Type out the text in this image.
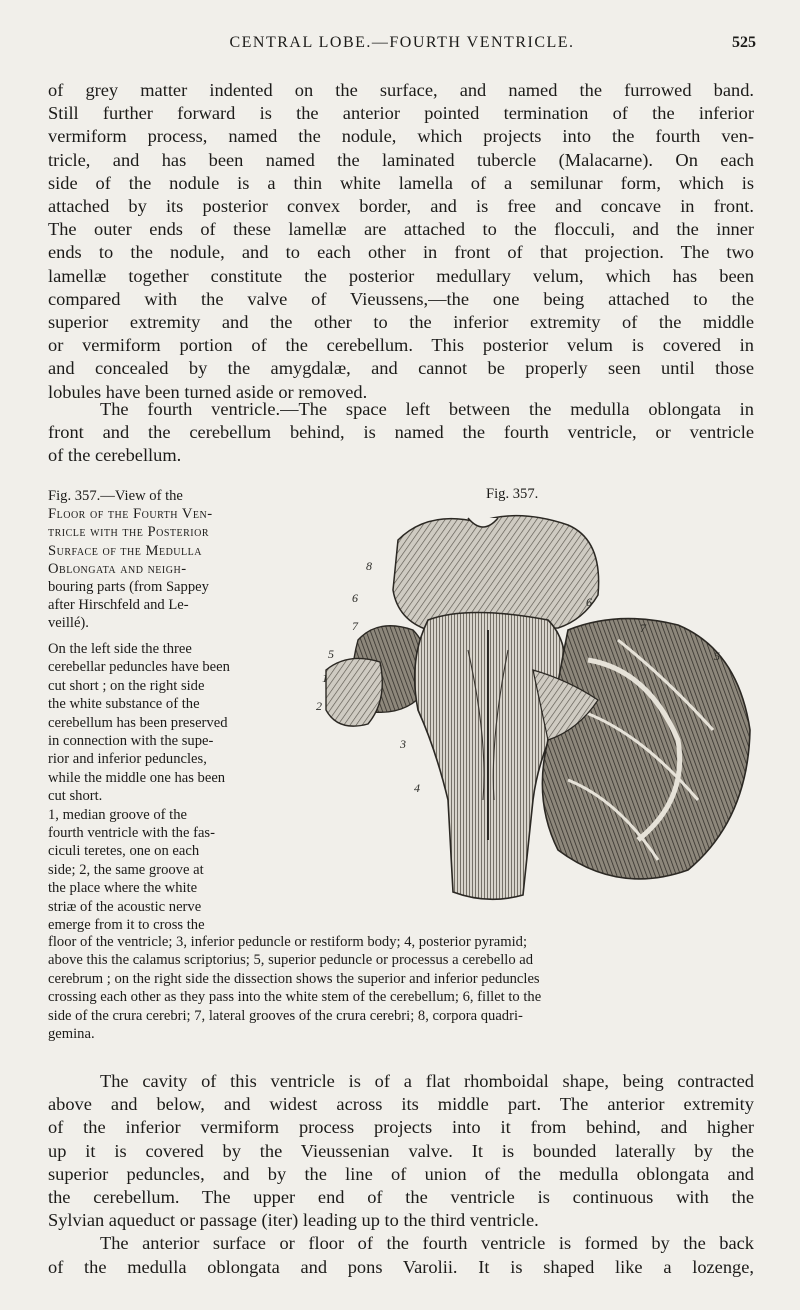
CENTRAL LOBE.—FOURTH VENTRICLE.	525
of grey matter indented on the surface, and named the furrowed band.
Still further forward is the anterior pointed termination of the inferior
vermiform process, named the nodule, which projects into the fourth ven-
tricle, and has been named the laminated tubercle (Malacarne). On each
side of the nodule is a thin white lamella of a semilunar form, which is
attached by its posterior convex border, and is free and concave in front.
The outer ends of these lamellæ are attached to the flocculi, and the inner
ends to the nodule, and to each other in front of that projection. The two
lamellæ together constitute the posterior medullary velum, which has been
compared with the valve of Vieussens,—the one being attached to the
superior extremity and the other to the inferior extremity of the middle
or vermiform portion of the cerebellum. This posterior velum is covered in
and concealed by the amygdalæ, and cannot be properly seen until those
lobules have been turned aside or removed.
The fourth ventricle.—The space left between the medulla oblongata in
front and the cerebellum behind, is named the fourth ventricle, or ventricle
of the cerebellum.
Fig. 357.—View of the
Floor of the Fourth Ven-
tricle with the Posterior
Surface of the Medulla
Oblongata and neigh-
bouring parts (from Sappey
after Hirschfeld and Le-
veillé).
Fig. 357.
On the left side the three
cerebellar peduncles have been
cut short ; on the right side
the white substance of the
cerebellum has been preserved
in connection with the supe-
rior and inferior peduncles,
while the middle one has been
cut short.
1, median groove of the
fourth ventricle with the fas-
ciculi teretes, one on each
side; 2, the same groove at
the place where the white
striæ of the acoustic nerve
emerge from it to cross the
8
6	6
7	7
5	5
1
2
3
4
floor of the ventricle; 3, inferior peduncle or restiform body; 4, posterior pyramid;
above this the calamus scriptorius; 5, superior peduncle or processus a cerebello ad
cerebrum ; on the right side the dissection shows the superior and inferior peduncles
crossing each other as they pass into the white stem of the cerebellum; 6, fillet to the
side of the crura cerebri; 7, lateral grooves of the crura cerebri; 8, corpora quadri-
gemina.
The cavity of this ventricle is of a flat rhomboidal shape, being contracted
above and below, and widest across its middle part. The anterior extremity
of the inferior vermiform process projects into it from behind, and higher
up it is covered by the Vieussenian valve. It is bounded laterally by the
superior peduncles, and by the line of union of the medulla oblongata and
the cerebellum. The upper end of the ventricle is continuous with the
Sylvian aqueduct or passage (iter) leading up to the third ventricle.
The anterior surface or floor of the fourth ventricle is formed by the back
of the medulla oblongata and pons Varolii. It is shaped like a lozenge,
